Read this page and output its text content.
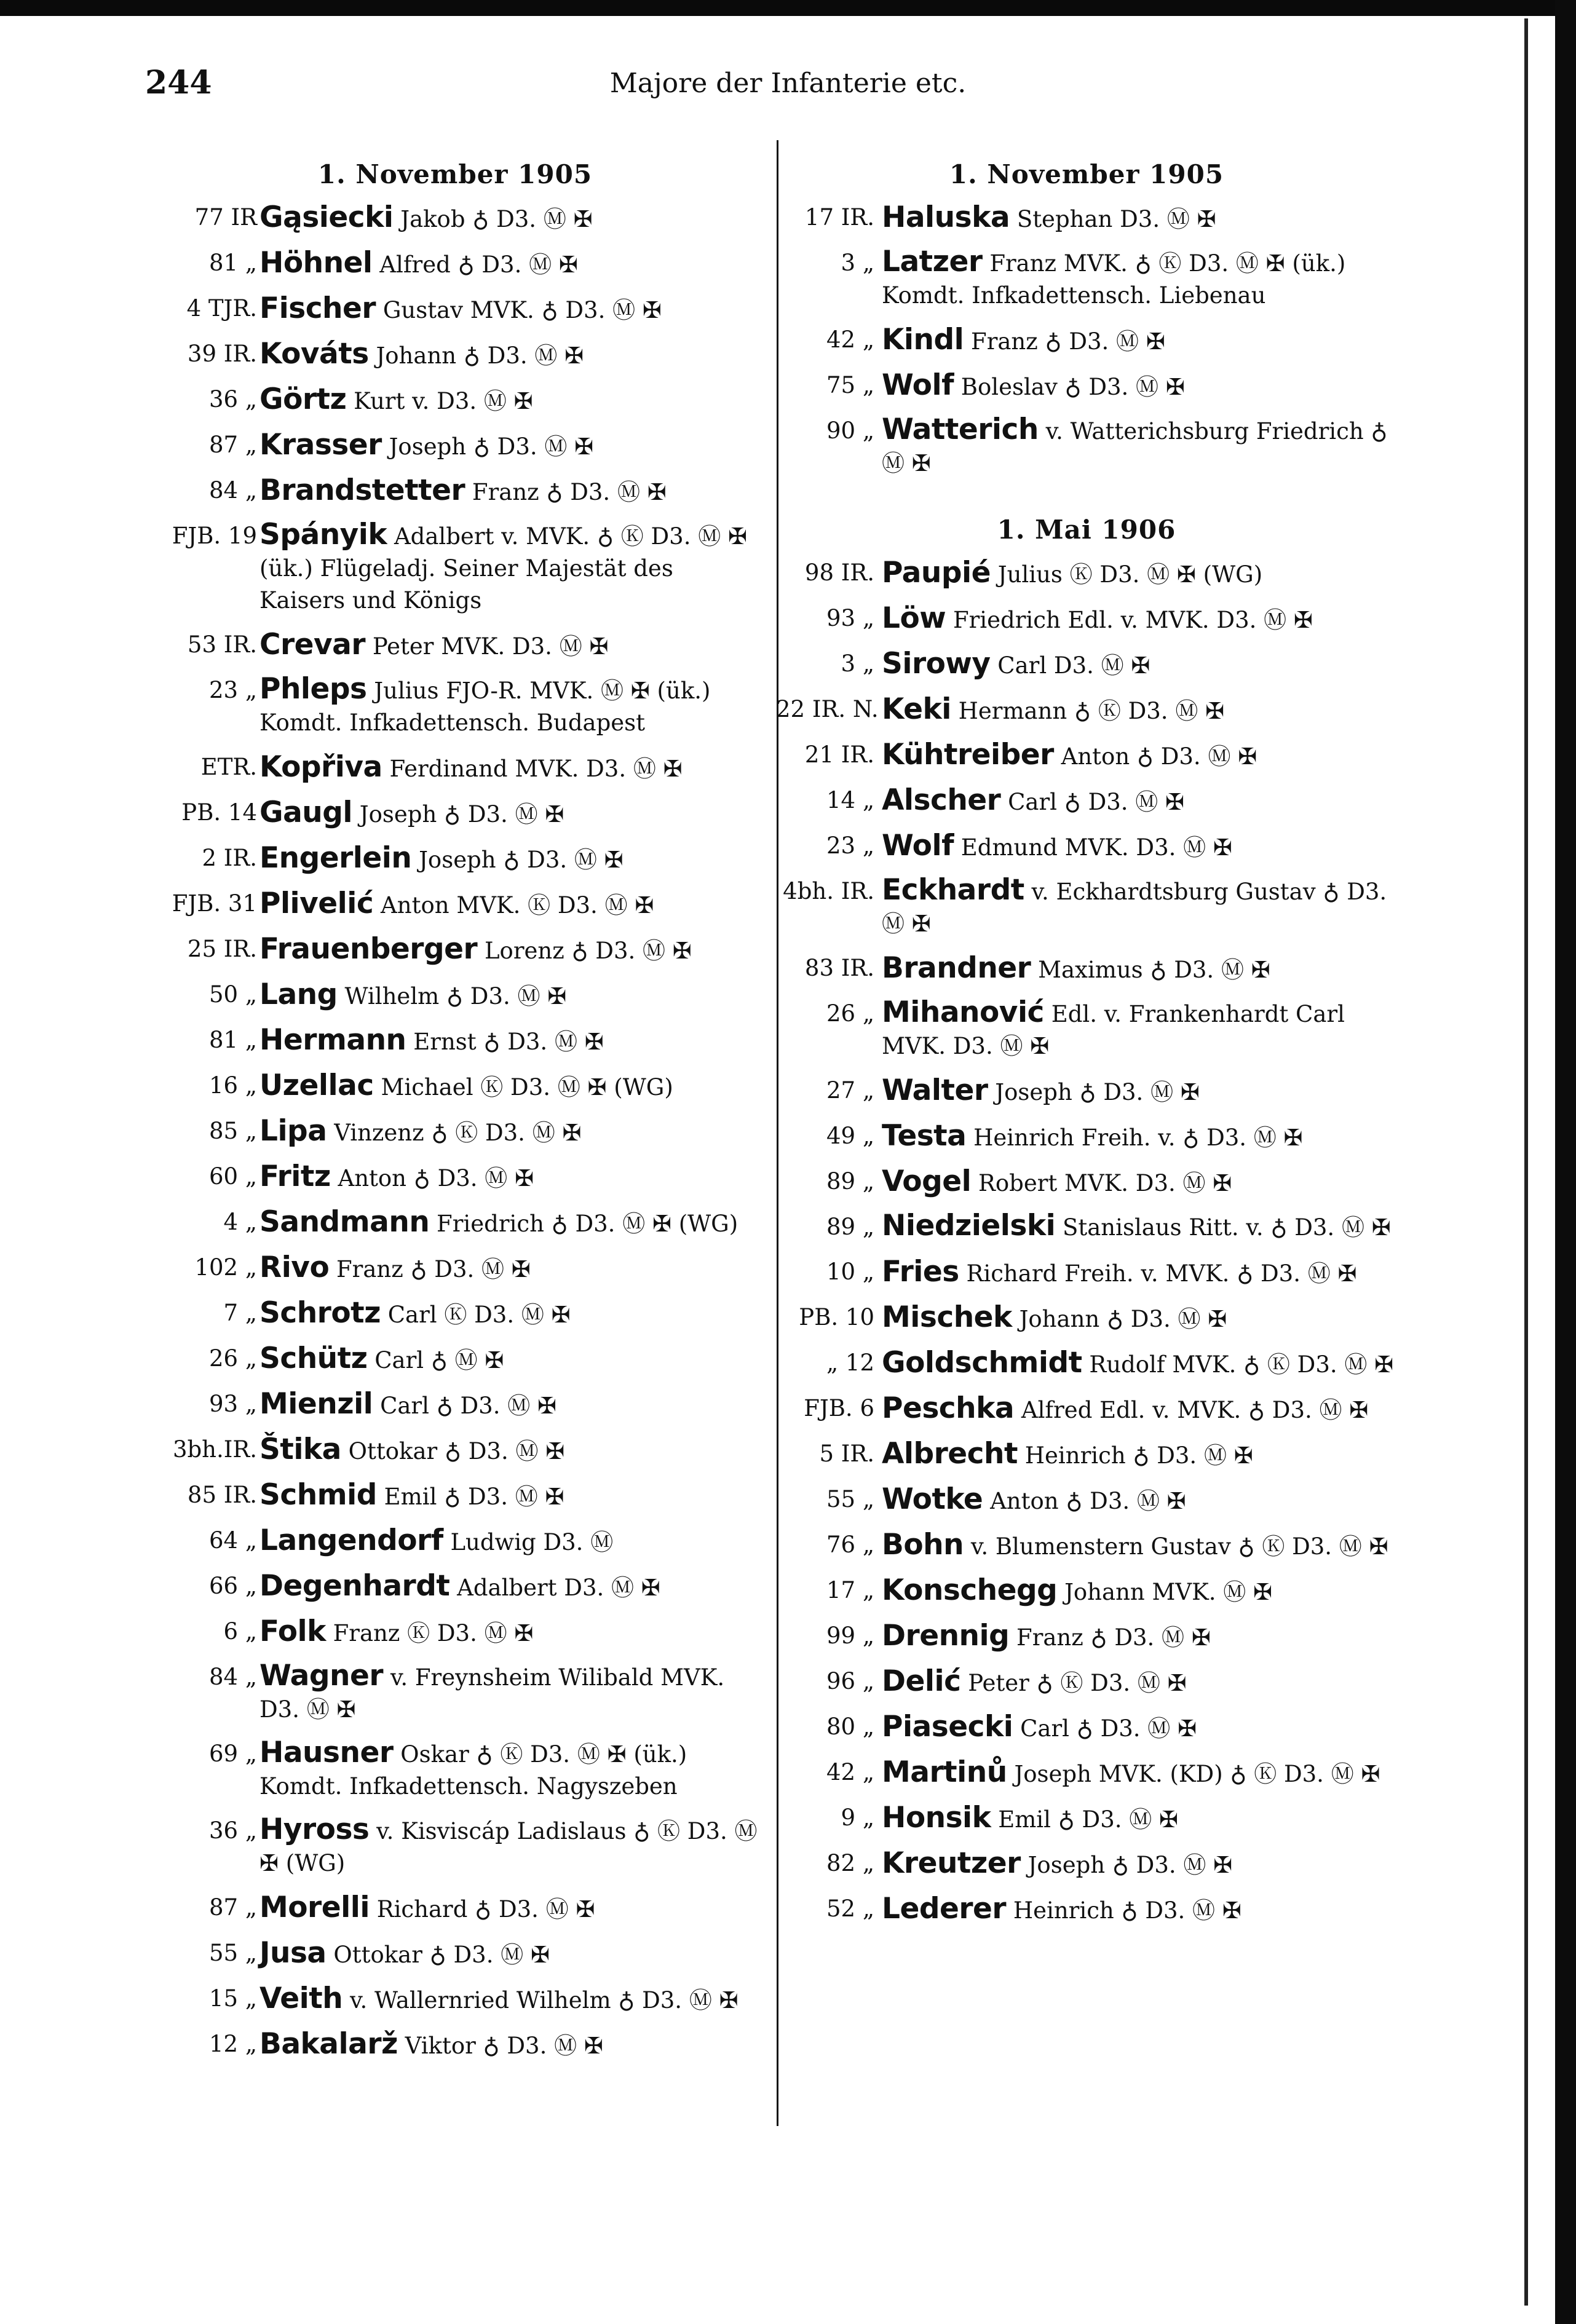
244	Majore der Infanterie etc.
1. November 1905
77 IR Gąsiecki Jakob ♁ D3. Ⓜ ✠
81 „ Höhnel Alfred ♁ D3. Ⓜ ✠
4 TJR. Fischer Gustav MVK. ♁ D3. Ⓜ ✠
39 IR. Kováts Johann ♁ D3. Ⓜ ✠
36 „ Görtz Kurt v. D3. Ⓜ ✠
87 „ Krasser Joseph ♁ D3. Ⓜ ✠
84 „ Brandstetter Franz ♁ D3. Ⓜ ✠
FJB. 19 Spányik Adalbert v. MVK. ♁ Ⓚ D3. Ⓜ ✠ (ük.) Flügeladj. Seiner Majestät des Kaisers und Königs
53 IR. Crevar Peter MVK. D3. Ⓜ ✠
23 „ Phleps Julius FJO-R. MVK. Ⓜ ✠ (ük.) Komdt. Infkadettensch. Budapest
ETR. Kopřiva Ferdinand MVK. D3. Ⓜ ✠
PB. 14 Gaugl Joseph ♁ D3. Ⓜ ✠
2 IR. Engerlein Joseph ♁ D3. Ⓜ ✠
FJB. 31 Plivelić Anton MVK. Ⓚ D3. Ⓜ ✠
25 IR. Frauenberger Lorenz ♁ D3. Ⓜ ✠
50 „ Lang Wilhelm ♁ D3. Ⓜ ✠
81 „ Hermann Ernst ♁ D3. Ⓜ ✠
16 „ Uzellac Michael Ⓚ D3. Ⓜ ✠ (WG)
85 „ Lipa Vinzenz ♁ Ⓚ D3. Ⓜ ✠
60 „ Fritz Anton ♁ D3. Ⓜ ✠
4 „ Sandmann Friedrich ♁ D3. Ⓜ ✠ (WG)
102 „ Rivo Franz ♁ D3. Ⓜ ✠
7 „ Schrotz Carl Ⓚ D3. Ⓜ ✠
26 „ Schütz Carl ♁ Ⓜ ✠
93 „ Mienzil Carl ♁ D3. Ⓜ ✠
3bh.IR. Štika Ottokar ♁ D3. Ⓜ ✠
85 IR. Schmid Emil ♁ D3. Ⓜ ✠
64 „ Langendorf Ludwig D3. Ⓜ
66 „ Degenhardt Adalbert D3. Ⓜ ✠
6 „ Folk Franz Ⓚ D3. Ⓜ ✠
84 „ Wagner v. Freynsheim Wilibald MVK. D3. Ⓜ ✠
69 „ Hausner Oskar ♁ Ⓚ D3. Ⓜ ✠ (ük.) Komdt. Infkadettensch. Nagyszeben
36 „ Hyross v. Kisviscáp Ladislaus ♁ Ⓚ D3. Ⓜ ✠ (WG)
87 „ Morelli Richard ♁ D3. Ⓜ ✠
55 „ Jusa Ottokar ♁ D3. Ⓜ ✠
15 „ Veith v. Wallernried Wilhelm ♁ D3. Ⓜ ✠
12 „ Bakalarž Viktor ♁ D3. Ⓜ ✠
1. November 1905
17 IR. Haluska Stephan D3. Ⓜ ✠
3 „ Latzer Franz MVK. ♁ Ⓚ D3. Ⓜ ✠ (ük.) Komdt. Infkadettensch. Liebenau
42 „ Kindl Franz ♁ D3. Ⓜ ✠
75 „ Wolf Boleslav ♁ D3. Ⓜ ✠
90 „ Watterich v. Watterichsburg Friedrich ♁ Ⓜ ✠
1. Mai 1906
98 IR. Paupié Julius Ⓚ D3. Ⓜ ✠ (WG)
93 „ Löw Friedrich Edl. v. MVK. D3. Ⓜ ✠
3 „ Sirowy Carl D3. Ⓜ ✠
22 IR. N. Keki Hermann ♁ Ⓚ D3. Ⓜ ✠
21 IR. Kühtreiber Anton ♁ D3. Ⓜ ✠
14 „ Alscher Carl ♁ D3. Ⓜ ✠
23 „ Wolf Edmund MVK. D3. Ⓜ ✠
4bh. IR. Eckhardt v. Eckhardtsburg Gustav ♁ D3. Ⓜ ✠
83 IR. Brandner Maximus ♁ D3. Ⓜ ✠
26 „ Mihanović Edl. v. Frankenhardt Carl MVK. D3. Ⓜ ✠
27 „ Walter Joseph ♁ D3. Ⓜ ✠
49 „ Testa Heinrich Freih. v. ♁ D3. Ⓜ ✠
89 „ Vogel Robert MVK. D3. Ⓜ ✠
89 „ Niedzielski Stanislaus Ritt. v. ♁ D3. Ⓜ ✠
10 „ Fries Richard Freih. v. MVK. ♁ D3. Ⓜ ✠
PB. 10 Mischek Johann ♁ D3. Ⓜ ✠
„ 12 Goldschmidt Rudolf MVK. ♁ Ⓚ D3. Ⓜ ✠
FJB. 6 Peschka Alfred Edl. v. MVK. ♁ D3. Ⓜ ✠
5 IR. Albrecht Heinrich ♁ D3. Ⓜ ✠
55 „ Wotke Anton ♁ D3. Ⓜ ✠
76 „ Bohn v. Blumenstern Gustav ♁ Ⓚ D3. Ⓜ ✠
17 „ Konschegg Johann MVK. Ⓜ ✠
99 „ Drennig Franz ♁ D3. Ⓜ ✠
96 „ Delić Peter ♁ Ⓚ D3. Ⓜ ✠
80 „ Piasecki Carl ♁ D3. Ⓜ ✠
42 „ Martinů Joseph MVK. (KD) ♁ Ⓚ D3. Ⓜ ✠
9 „ Honsik Emil ♁ D3. Ⓜ ✠
82 „ Kreutzer Joseph ♁ D3. Ⓜ ✠
52 „ Lederer Heinrich ♁ D3. Ⓜ ✠
